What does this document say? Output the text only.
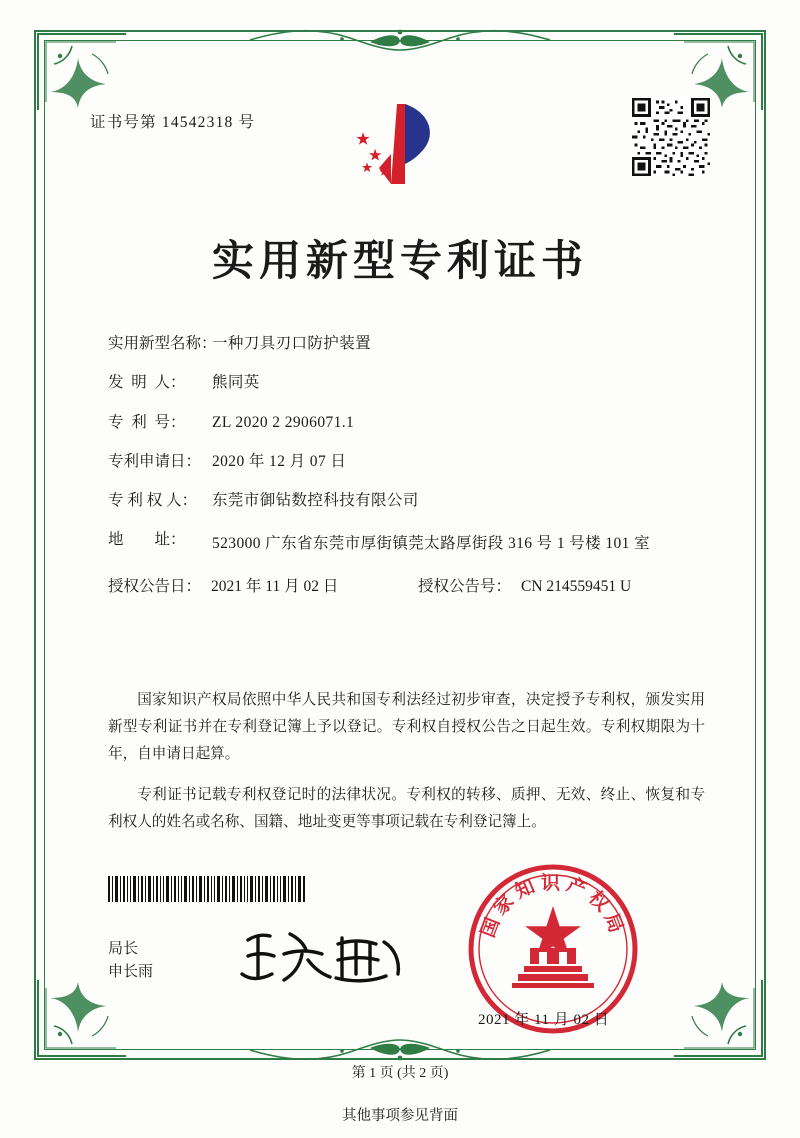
证书号第 14542318 号
实用新型专利证书
实用新型名称：
一种刀具刃口防护装置
发  明  人：	熊同英
专  利  号：	ZL 2020 2 2906071.1
专利申请日： 2020 年 12 月 07 日
专 利 权 人： 东莞市御钻数控科技有限公司
地        址：	523000 广东省东莞市厚街镇莞太路厚街段 316 号 1 号楼 101 室
授权公告日： 2021 年 11 月 02 日	授权公告号： CN 214559451 U

国家知识产权局依照中华人民共和国专利法经过初步审查，决定授予专利权，颁发实用新型专利证书并在专利登记簿上予以登记。专利权自授权公告之日起生效。专利权期限为十年，自申请日起算。

专利证书记载专利权登记时的法律状况。专利权的转移、质押、无效、终止、恢复和专利权人的姓名或名称、国籍、地址变更等事项记载在专利登记簿上。

局长
申长雨
国家知识产权局
2021 年 11 月 02 日
第 1 页 (共 2 页)
其他事项参见背面
